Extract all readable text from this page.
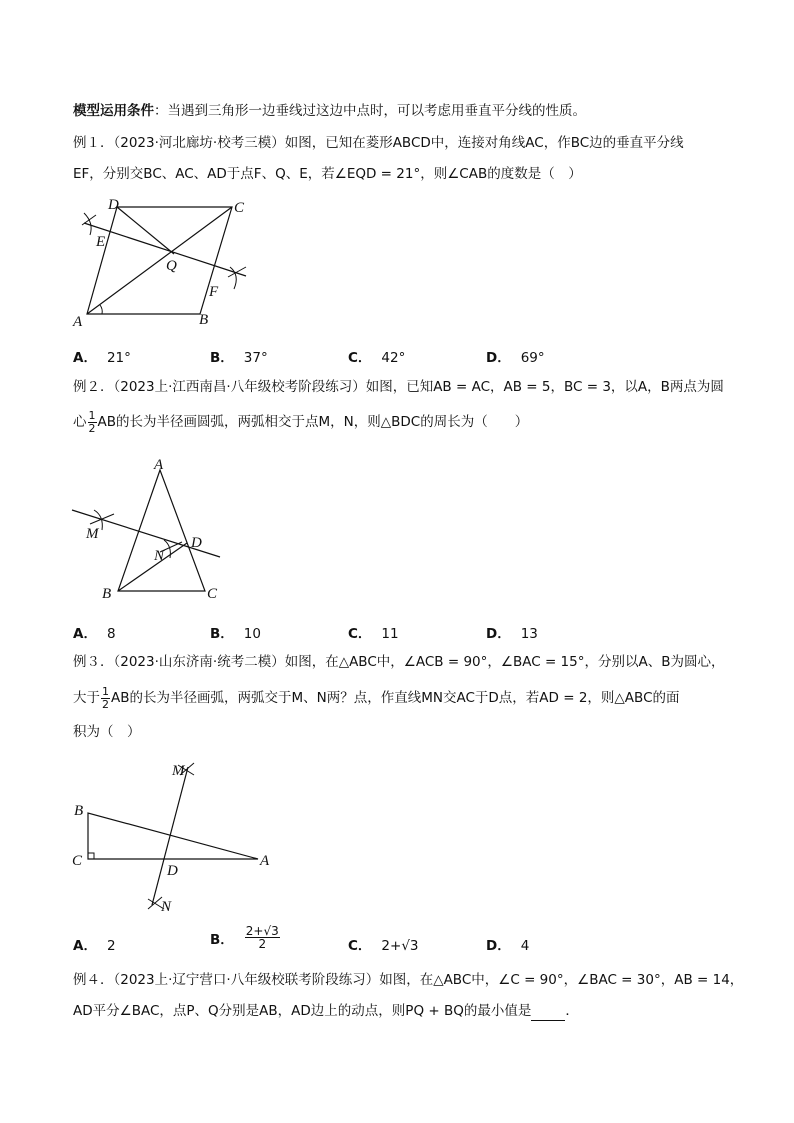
模型运用条件：当遇到三角形一边垂线过这边中点时，可以考虑用垂直平分线的性质。
例１．（2023·河北廊坊·校考三模）如图，已知在菱形ABCD中，连接对角线AC，作BC边的垂直平分线
EF，分别交BC、AC、AD于点F、Q、E，若∠EQD = 21°，则∠CAB的度数是（　）
D	C
E
Q
F
A	B
A． 21°	B． 37°	C． 42°	D． 69°
例２．（2023上·江西南昌·八年级校考阶段练习）如图，已知AB = AC，AB = 5，BC = 3，以A，B两点为圆
心 $\frac{1}{2}$ AB的长为半径画圆弧，两弧相交于点M，N，则△BDC的周长为（　　）
A
M
N
D
B	C
A． 8	B． 10	C． 11	D． 13
例３．（2023·山东济南·统考二模）如图，在△ABC中，∠ACB = 90°，∠BAC = 15°，分别以A、B为圆心，
大于 $\frac{1}{2}$ AB的长为半径画弧，两弧交于M、N两？点，作直线MN交AC于D点，若AD = 2，则△ABC的面
积为（　）
M
B
C
D
A
N
A． 2	B． $\frac{2+√3}{2}$	C． 2+√3	D． 4
例４．（2023上·辽宁营口·八年级校联考阶段练习）如图，在△ABC中，∠C = 90°，∠BAC = 30°，AB = 14，
AD平分∠BAC，点P、Q分别是AB，AD边上的动点，则PQ + BQ的最小值是	．
